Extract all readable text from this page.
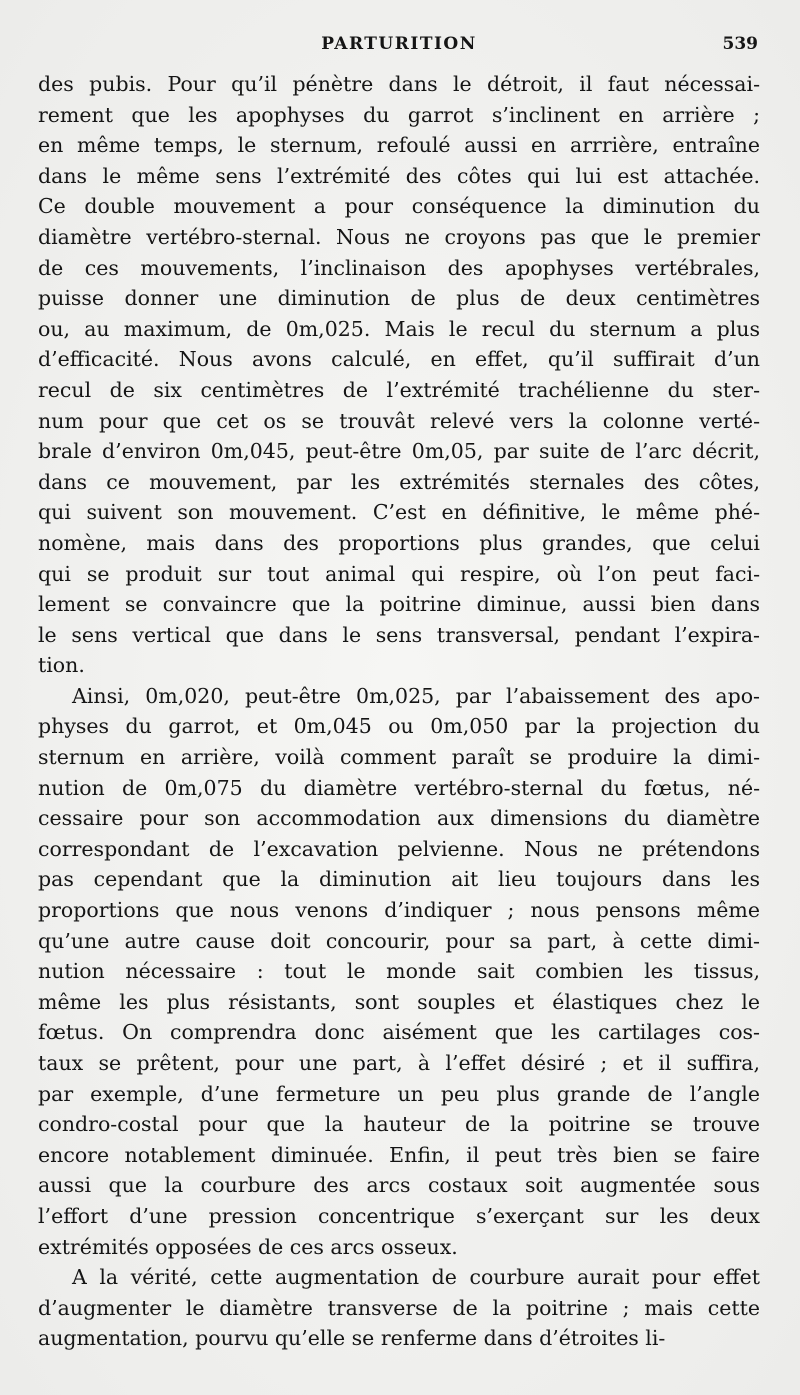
PARTURITION	539
des pubis. Pour qu’il pénètre dans le détroit, il faut nécessai-
rement que les apophyses du garrot s’inclinent en arrière ;
en même temps, le sternum, refoulé aussi en arrrière, entraîne
dans le même sens l’extrémité des côtes qui lui est attachée.
Ce double mouvement a pour conséquence la diminution du
diamètre vertébro-sternal. Nous ne croyons pas que le premier
de ces mouvements, l’inclinaison des apophyses vertébrales,
puisse donner une diminution de plus de deux centimètres
ou, au maximum, de 0m,025. Mais le recul du sternum a plus
d’efficacité. Nous avons calculé, en effet, qu’il suffirait d’un
recul de six centimètres de l’extrémité trachélienne du ster-
num pour que cet os se trouvât relevé vers la colonne verté-
brale d’environ 0m,045, peut-être 0m,05, par suite de l’arc décrit,
dans ce mouvement, par les extrémités sternales des côtes,
qui suivent son mouvement. C’est en définitive, le même phé-
nomène, mais dans des proportions plus grandes, que celui
qui se produit sur tout animal qui respire, où l’on peut faci-
lement se convaincre que la poitrine diminue, aussi bien dans
le sens vertical que dans le sens transversal, pendant l’expira-
tion.
Ainsi, 0m,020, peut-être 0m,025, par l’abaissement des apo-
physes du garrot, et 0m,045 ou 0m,050 par la projection du
sternum en arrière, voilà comment paraît se produire la dimi-
nution de 0m,075 du diamètre vertébro-sternal du fœtus, né-
cessaire pour son accommodation aux dimensions du diamètre
correspondant de l’excavation pelvienne. Nous ne prétendons
pas cependant que la diminution ait lieu toujours dans les
proportions que nous venons d’indiquer ; nous pensons même
qu’une autre cause doit concourir, pour sa part, à cette dimi-
nution nécessaire : tout le monde sait combien les tissus,
même les plus résistants, sont souples et élastiques chez le
fœtus. On comprendra donc aisément que les cartilages cos-
taux se prêtent, pour une part, à l’effet désiré ; et il suffira,
par exemple, d’une fermeture un peu plus grande de l’angle
condro-costal pour que la hauteur de la poitrine se trouve
encore notablement diminuée. Enfin, il peut très bien se faire
aussi que la courbure des arcs costaux soit augmentée sous
l’effort d’une pression concentrique s’exerçant sur les deux
extrémités opposées de ces arcs osseux.
A la vérité, cette augmentation de courbure aurait pour effet
d’augmenter le diamètre transverse de la poitrine ; mais cette
augmentation, pourvu qu’elle se renferme dans d’étroites li-
